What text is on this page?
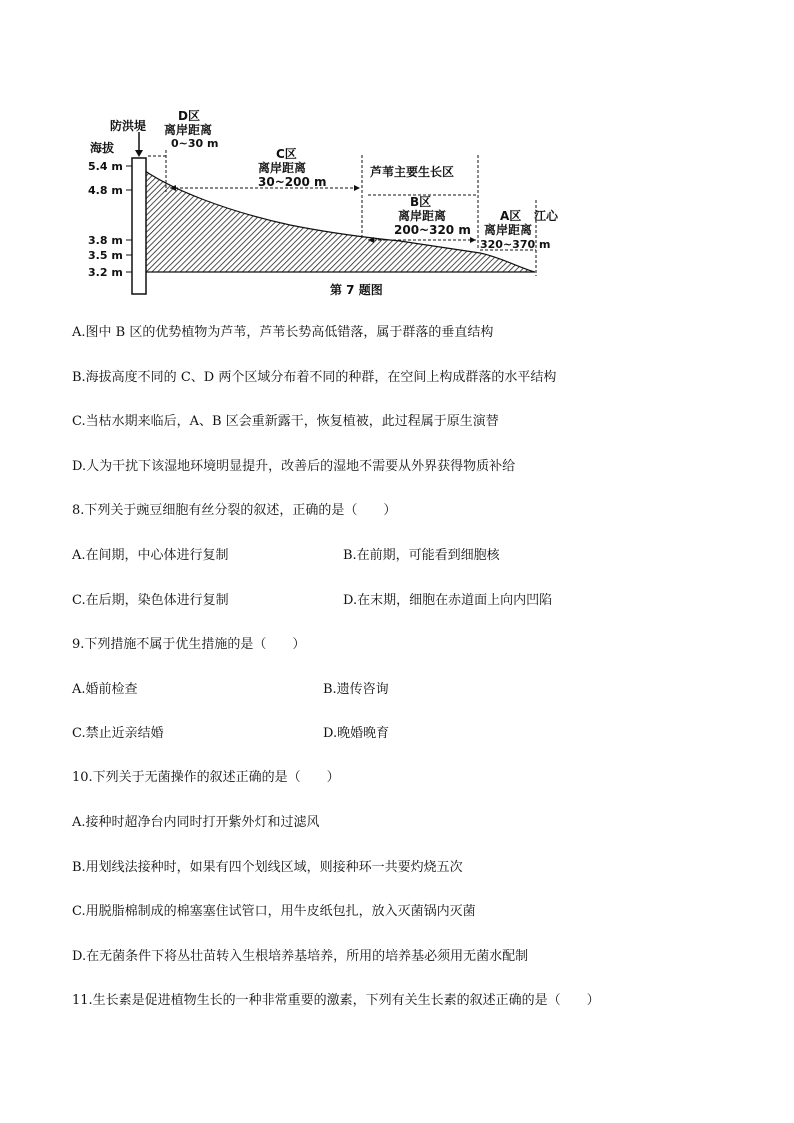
防洪堤
海拔
5.4 m
4.8 m
3.8 m
3.5 m
3.2 m
D区
离岸距离
0~30 m
C区
离岸距离
30~200 m
芦苇主要生长区
B区
离岸距离
200~320 m
A区
离岸距离
320~370 m
江心
第 7 题图
A.图中 B 区的优势植物为芦苇，芦苇长势高低错落，属于群落的垂直结构
B.海拔高度不同的 C、D 两个区域分布着不同的种群，在空间上构成群落的水平结构
C.当枯水期来临后，A、B 区会重新露干，恢复植被，此过程属于原生演替
D.人为干扰下该湿地环境明显提升，改善后的湿地不需要从外界获得物质补给
8.下列关于豌豆细胞有丝分裂的叙述，正确的是（　　）
A.在间期，中心体进行复制	B.在前期，可能看到细胞核
C.在后期，染色体进行复制	D.在末期，细胞在赤道面上向内凹陷
9.下列措施不属于优生措施的是（　　）
A.婚前检查	B.遗传咨询
C.禁止近亲结婚	D.晚婚晚育
10.下列关于无菌操作的叙述正确的是（　　）
A.接种时超净台内同时打开紫外灯和过滤风
B.用划线法接种时，如果有四个划线区域，则接种环一共要灼烧五次
C.用脱脂棉制成的棉塞塞住试管口，用牛皮纸包扎，放入灭菌锅内灭菌
D.在无菌条件下将丛壮苗转入生根培养基培养，所用的培养基必须用无菌水配制
11.生长素是促进植物生长的一种非常重要的激素，下列有关生长素的叙述正确的是（　　）
